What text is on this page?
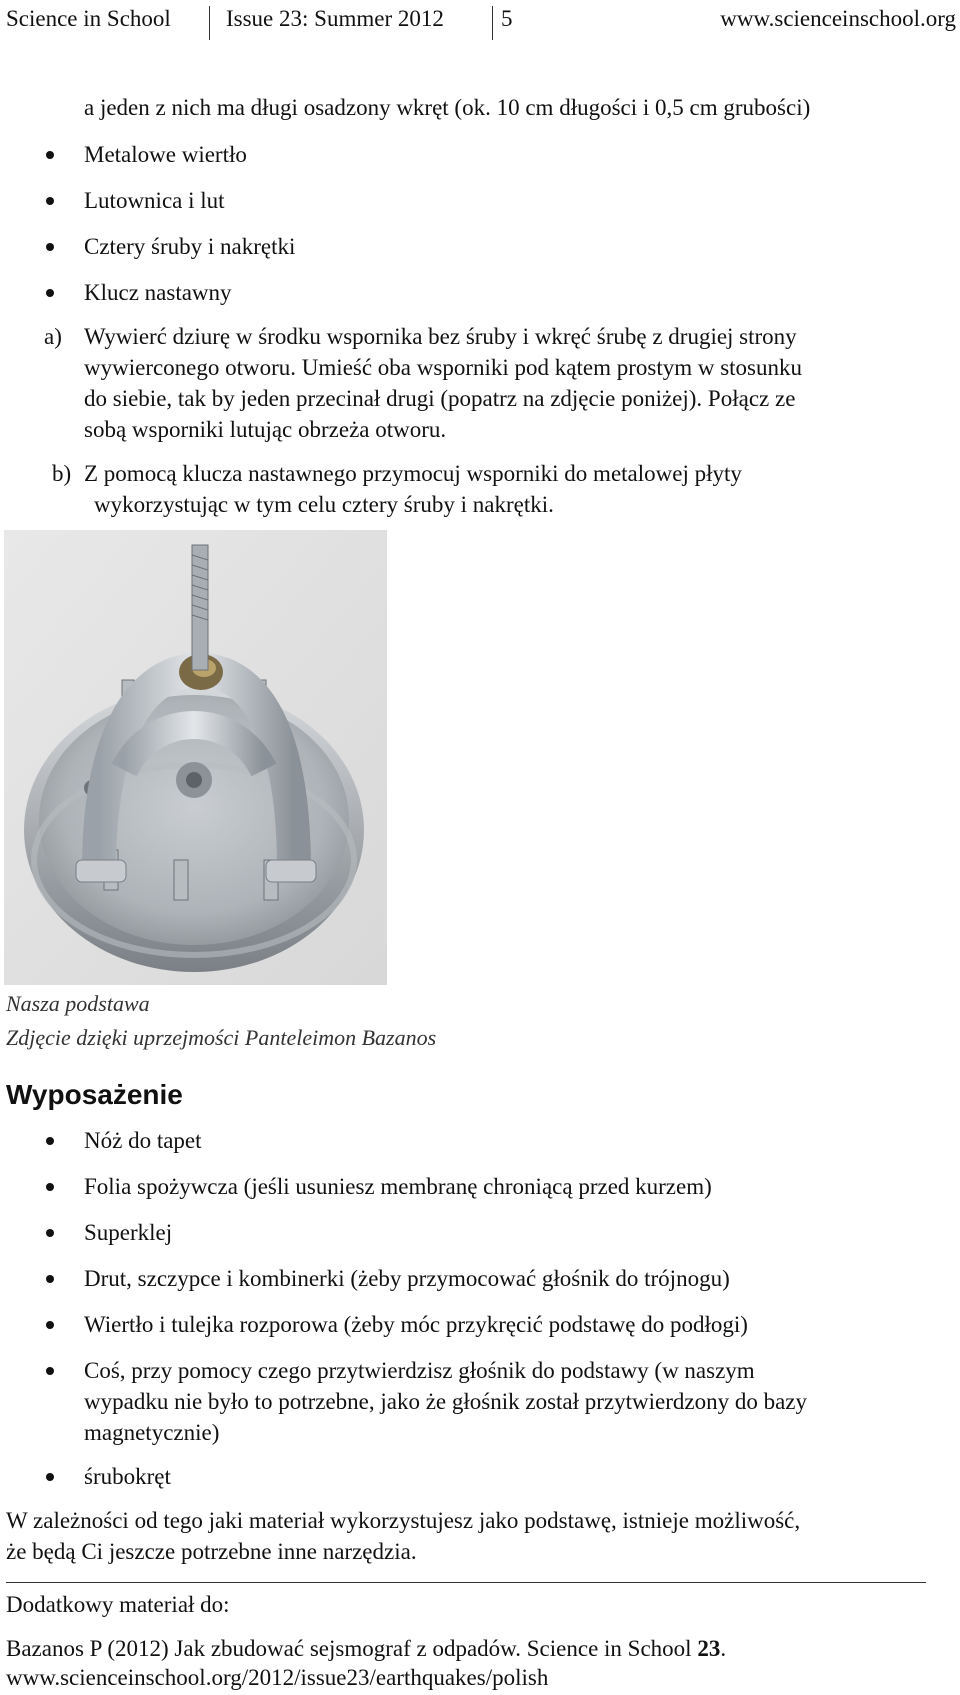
Science in School Issue 23: Summer 2012 5	www.scienceinschool.org
a jeden z nich ma długi osadzony wkręt (ok. 10 cm długości i 0,5 cm grubości)
Metalowe wiertło
Lutownica i lut
Cztery śruby i nakrętki
Klucz nastawny
a) Wywierć dziurę w środku wspornika bez śruby i wkręć śrubę z drugiej strony
wywierconego otworu. Umieść oba wsporniki pod kątem prostym w stosunku
do siebie, tak by jeden przecinał drugi (popatrz na zdjęcie poniżej). Połącz ze
sobą wsporniki lutując obrzeża otworu.
b) Z pomocą klucza nastawnego przymocuj wsporniki do metalowej płyty
wykorzystując w tym celu cztery śruby i nakrętki.
Nasza podstawa
Zdjęcie dzięki uprzejmości Panteleimon Bazanos
Wyposażenie
Nóż do tapet
Folia spożywcza (jeśli usuniesz membranę chroniącą przed kurzem)
Superklej
Drut, szczypce i kombinerki (żeby przymocować głośnik do trójnogu)
Wiertło i tulejka rozporowa (żeby móc przykręcić podstawę do podłogi)
Coś, przy pomocy czego przytwierdzisz głośnik do podstawy (w naszym
wypadku nie było to potrzebne, jako że głośnik został przytwierdzony do bazy
magnetycznie)
śrubokręt
W zależności od tego jaki materiał wykorzystujesz jako podstawę, istnieje możliwość,
że będą Ci jeszcze potrzebne inne narzędzia.
Dodatkowy materiał do:
Bazanos P (2012) Jak zbudować sejsmograf z odpadów. Science in School 23.
www.scienceinschool.org/2012/issue23/earthquakes/polish
